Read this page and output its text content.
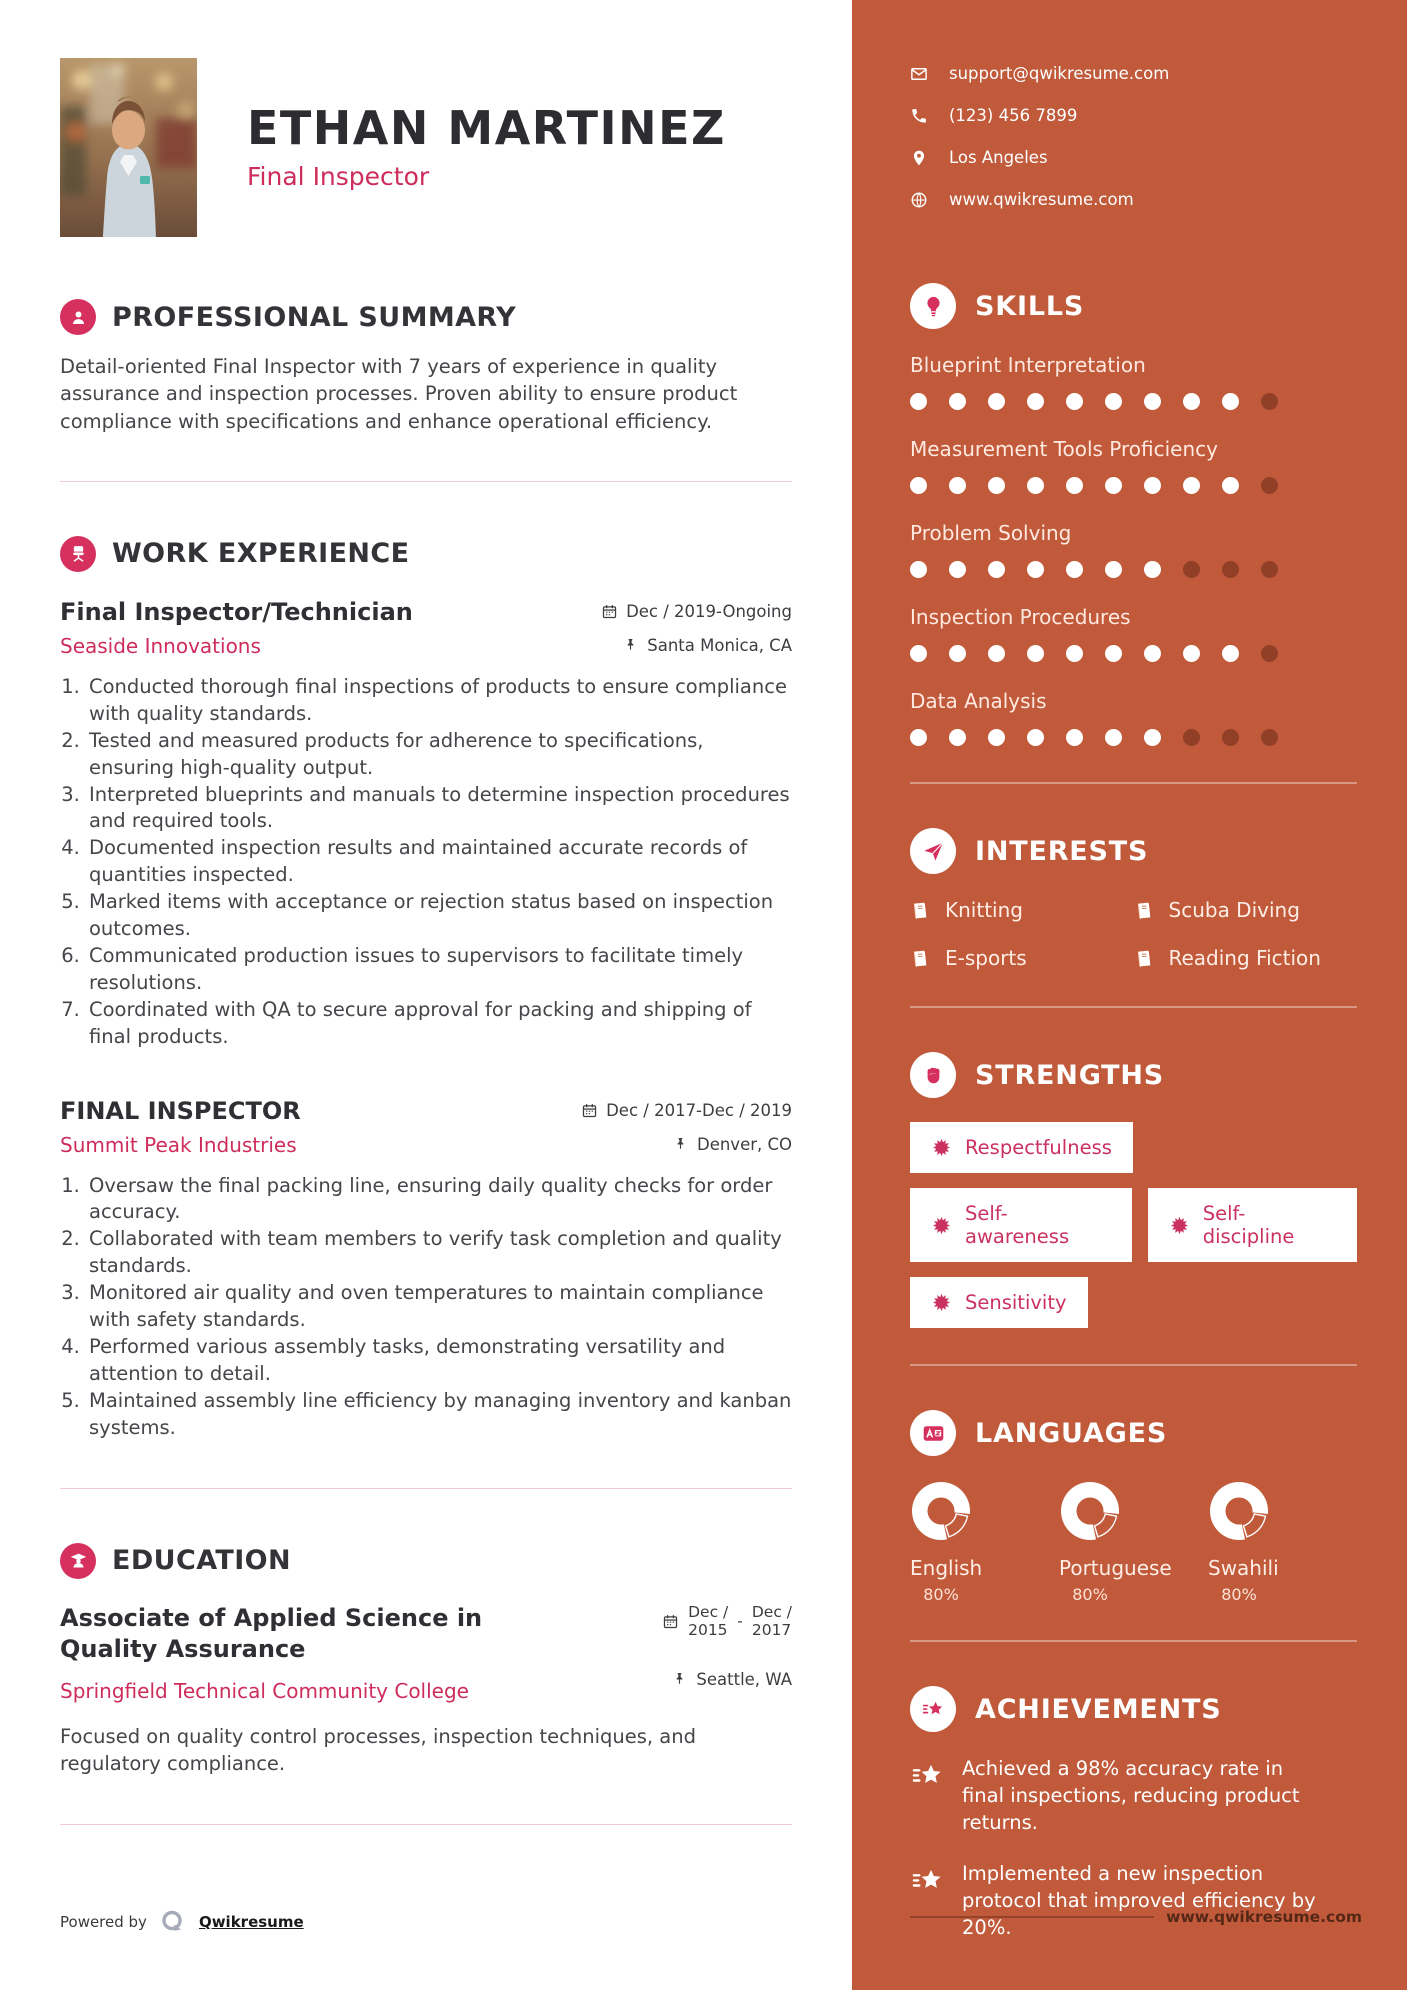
ETHAN MARTINEZ
Final Inspector
PROFESSIONAL SUMMARY

Detail-oriented Final Inspector with 7 years of experience in quality assurance and inspection processes. Proven ability to ensure product compliance with specifications and enhance operational efficiency.

WORK EXPERIENCE
Final Inspector/Technician	Dec / 2019-Ongoing
Seaside Innovations	Santa Monica, CA
1. Conducted thorough final inspections of products to ensure compliance with quality standards.
2. Tested and measured products for adherence to specifications, ensuring high-quality output.
3. Interpreted blueprints and manuals to determine inspection procedures and required tools.
4. Documented inspection results and maintained accurate records of quantities inspected.
5. Marked items with acceptance or rejection status based on inspection outcomes.
6. Communicated production issues to supervisors to facilitate timely resolutions.
7. Coordinated with QA to secure approval for packing and shipping of final products.
FINAL INSPECTOR	Dec / 2017-Dec / 2019
Summit Peak Industries	Denver, CO
1. Oversaw the final packing line, ensuring daily quality checks for order accuracy.
2. Collaborated with team members to verify task completion and quality standards.
3. Monitored air quality and oven temperatures to maintain compliance with safety standards.
4. Performed various assembly tasks, demonstrating versatility and attention to detail.
5. Maintained assembly line efficiency by managing inventory and kanban systems.
EDUCATION
Associate of Applied Science in Quality Assurance
Springfield Technical Community College
Dec /
2015 -
Dec /
2017
Seattle, WA

Focused on quality control processes, inspection techniques, and regulatory compliance.

Powered by	Qwikresume
support@qwikresume.com
(123) 456 7899
Los Angeles
www.qwikresume.com
SKILLS
Blueprint Interpretation
Measurement Tools Proficiency
Problem Solving
Inspection Procedures
Data Analysis
INTERESTS
Knitting	Scuba Diving
E-sports	Reading Fiction
STRENGTHS
Respectfulness
Self-awareness
Self-discipline
Sensitivity
LANGUAGES
English
80%
Portuguese
80%
Swahili
80%
ACHIEVEMENTS

Achieved a 98% accuracy rate in final inspections, reducing product returns.

Implemented a new inspection protocol that improved efficiency by 20%.	www.qwikresume.com
